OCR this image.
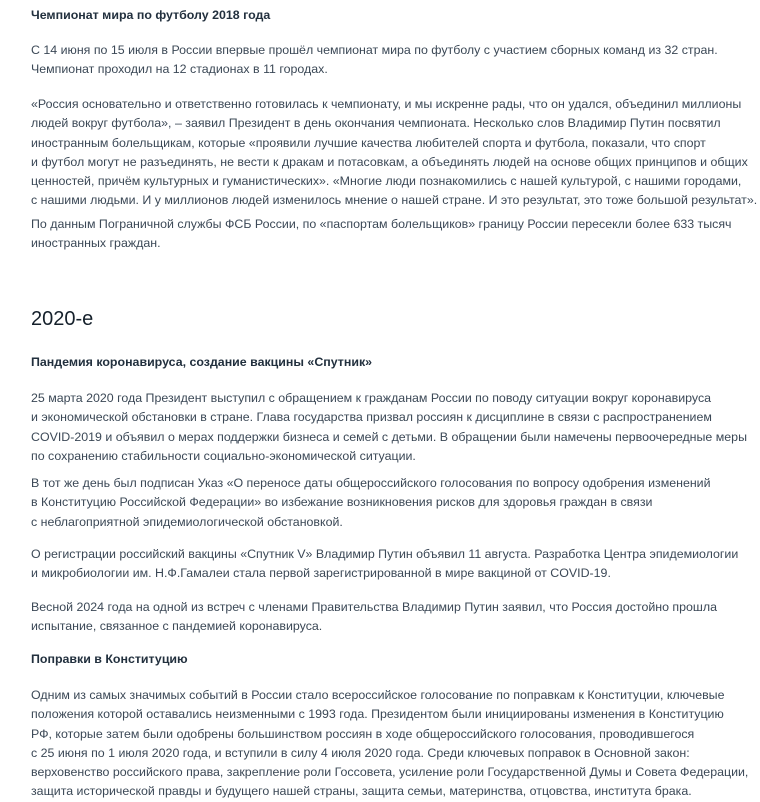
Чемпионат мира по футболу 2018 года
С 14 июня по 15 июля в России впервые прошёл чемпионат мира по футболу с участием сборных команд из 32 стран.
Чемпионат проходил на 12 стадионах в 11 городах.
«Россия основательно и ответственно готовилась к чемпионату, и мы искренне рады, что он удался, объединил миллионы
людей вокруг футбола», – заявил Президент в день окончания чемпионата. Несколько слов Владимир Путин посвятил
иностранным болельщикам, которые «проявили лучшие качества любителей спорта и футбола, показали, что спорт
и футбол могут не разъединять, не вести к дракам и потасовкам, а объединять людей на основе общих принципов и общих
ценностей, причём культурных и гуманистических». «Многие люди познакомились с нашей культурой, с нашими городами,
с нашими людьми. И у миллионов людей изменилось мнение о нашей стране. И это результат, это тоже большой результат».
По данным Пограничной службы ФСБ России, по «паспортам болельщиков» границу России пересекли более 633 тысяч
иностранных граждан.
2020-е
Пандемия коронавируса, создание вакцины «Спутник»
25 марта 2020 года Президент выступил с обращением к гражданам России по поводу ситуации вокруг коронавируса
и экономической обстановки в стране. Глава государства призвал россиян к дисциплине в связи с распространением
COVID-2019 и объявил о мерах поддержки бизнеса и семей с детьми. В обращении были намечены первоочередные меры
по сохранению стабильности социально-экономической ситуации.
В тот же день был подписан Указ «О переносе даты общероссийского голосования по вопросу одобрения изменений
в Конституцию Российской Федерации» во избежание возникновения рисков для здоровья граждан в связи
с неблагоприятной эпидемиологической обстановкой.
О регистрации российский вакцины «Спутник V» Владимир Путин объявил 11 августа. Разработка Центра эпидемиологии
и микробиологии им. Н.Ф.Гамалеи стала первой зарегистрированной в мире вакциной от COVID-19.
Весной 2024 года на одной из встреч с членами Правительства Владимир Путин заявил, что Россия достойно прошла
испытание, связанное с пандемией коронавируса.
Поправки в Конституцию
Одним из самых значимых событий в России стало всероссийское голосование по поправкам к Конституции, ключевые
положения которой оставались неизменными с 1993 года. Президентом были инициированы изменения в Конституцию
РФ, которые затем были одобрены большинством россиян в ходе общероссийского голосования, проводившегося
с 25 июня по 1 июля 2020 года, и вступили в силу 4 июля 2020 года. Среди ключевых поправок в Основной закон:
верховенство российского права, закрепление роли Госсовета, усиление роли Государственной Думы и Совета Федерации,
защита исторической правды и будущего нашей страны, защита семьи, материнства, отцовства, института брака.
